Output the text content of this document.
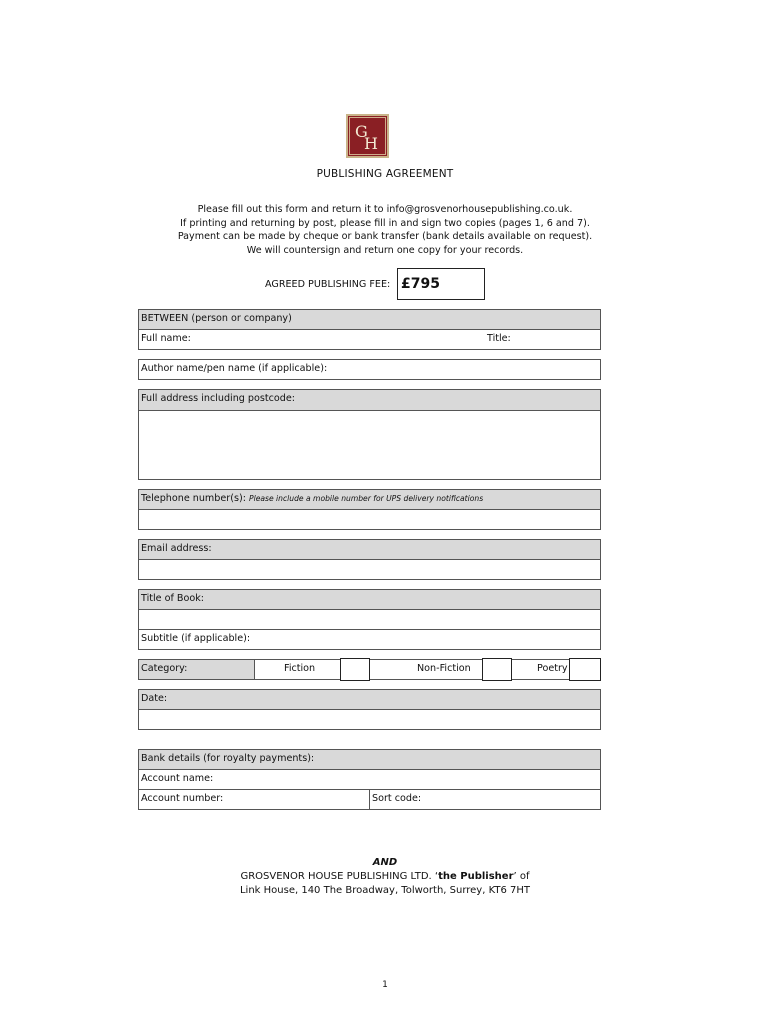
G
H
PUBLISHING AGREEMENT
Please fill out this form and return it to info@grosvenorhousepublishing.co.uk.
If printing and returning by post, please fill in and sign two copies (pages 1, 6 and 7).
Payment can be made by cheque or bank transfer (bank details available on request).
We will countersign and return one copy for your records.
AGREED PUBLISHING FEE: £795
BETWEEN (person or company)
Full name:	Title:
Author name/pen name (if applicable):
Full address including postcode:
Telephone number(s): Please include a mobile number for UPS delivery notifications
Email address:
Title of Book:
Subtitle (if applicable):
Category:	Fiction	Non-Fiction	Poetry
Date:
Bank details (for royalty payments):
Account name:
Account number:	Sort code:
AND
GROSVENOR HOUSE PUBLISHING LTD. ‘the Publisher’ of
Link House, 140 The Broadway, Tolworth, Surrey, KT6 7HT
1
